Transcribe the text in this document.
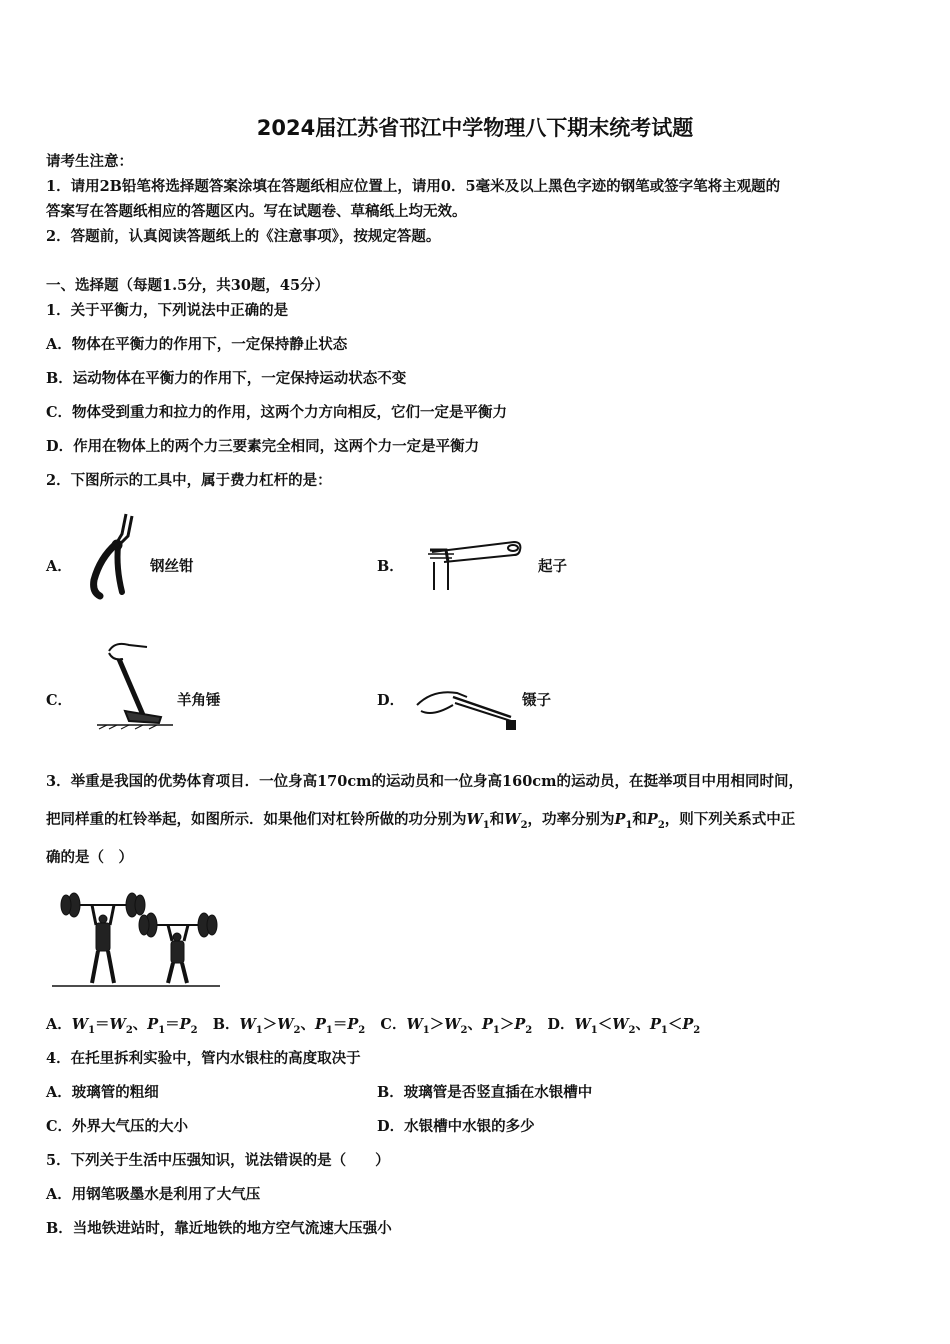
2024届江苏省邗江中学物理八下期末统考试题
请考生注意：
1．请用2B铅笔将选择题答案涂填在答题纸相应位置上，请用0．5毫米及以上黑色字迹的钢笔或签字笔将主观题的
答案写在答题纸相应的答题区内。写在试题卷、草稿纸上均无效。
2．答题前，认真阅读答题纸上的《注意事项》，按规定答题。
一、选择题（每题1.5分，共30题，45分）
1．关于平衡力，下列说法中正确的是
A．物体在平衡力的作用下，一定保持静止状态
B．运动物体在平衡力的作用下，一定保持运动状态不变
C．物体受到重力和拉力的作用，这两个力方向相反，它们一定是平衡力
D．作用在物体上的两个力三要素完全相同，这两个力一定是平衡力
2．下图所示的工具中，属于费力杠杆的是：
A．	钢丝钳	B．	起子
C．	羊角锤	D．	镊子
3．举重是我国的优势体育项目．一位身高170cm的运动员和一位身高160cm的运动员，在挺举项目中用相同时间，
把同样重的杠铃举起，如图所示．如果他们对杠铃所做的功分别为$W_1$和$W_2$，功率分别为$P_1$和$P_2$，则下列关系式中正
确的是（　）
A．$W_1=W_2$、$P_1=P_2$ B．$W_1>W_2$、$P_1=P_2$ C．$W_1>W_2$、$P_1>P_2$ D．$W_1<W_2$、$P_1<P_2$
4．在托里拆利实验中，管内水银柱的高度取决于
A．玻璃管的粗细	B．玻璃管是否竖直插在水银槽中
C．外界大气压的大小	D．水银槽中水银的多少
5．下列关于生活中压强知识，说法错误的是（　　）
A．用钢笔吸墨水是利用了大气压
B．当地铁进站时，靠近地铁的地方空气流速大压强小
